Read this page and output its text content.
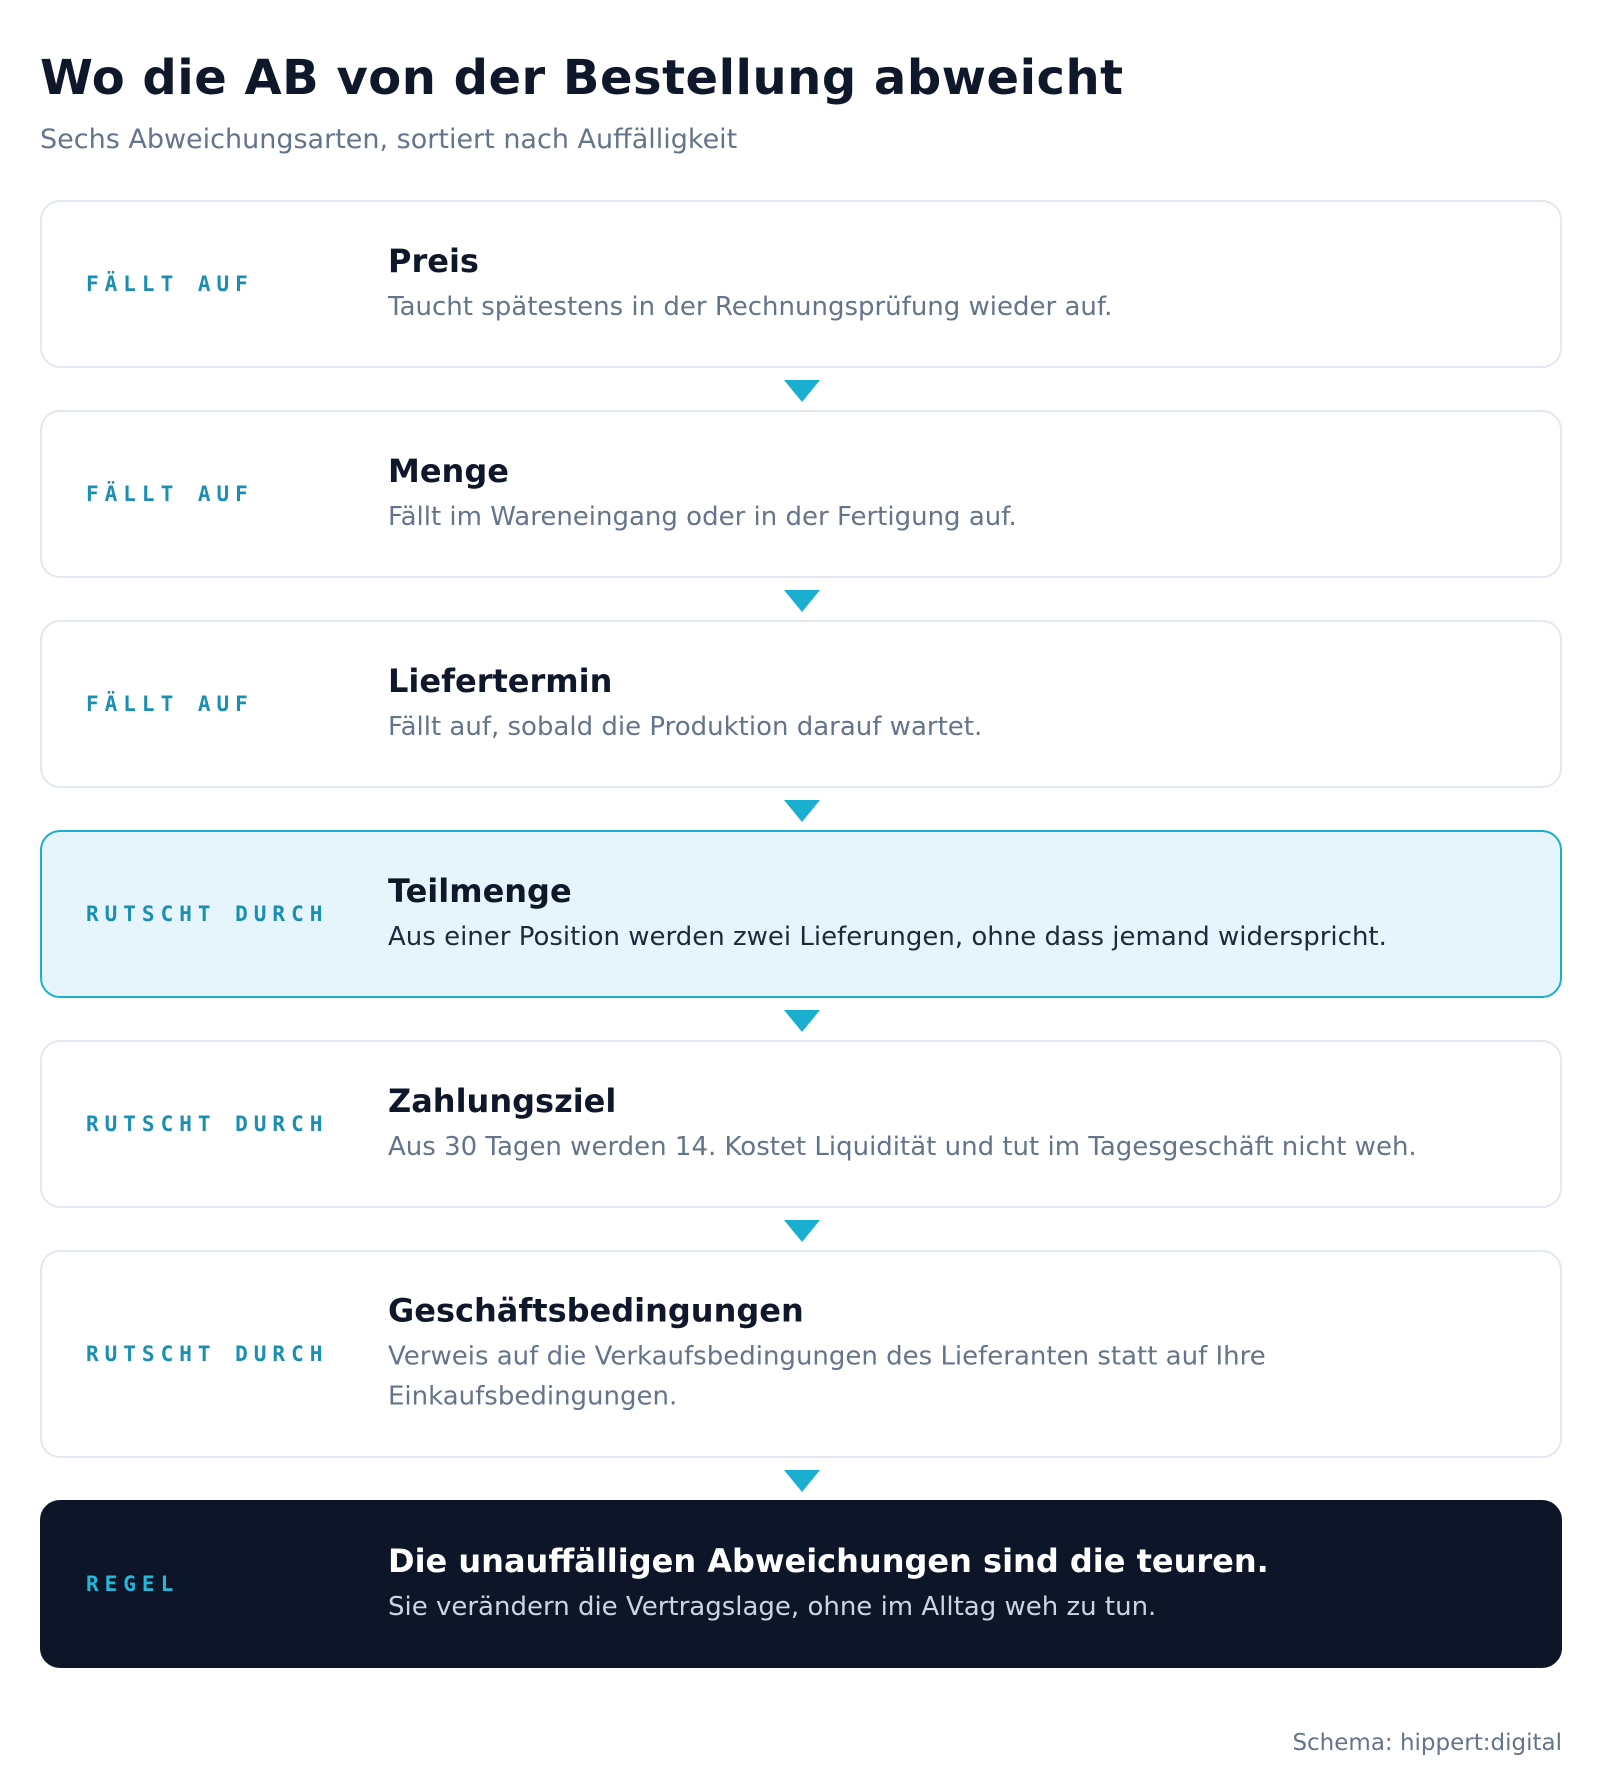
Wo die AB von der Bestellung abweicht

Sechs Abweichungsarten, sortiert nach Auffälligkeit

FÄLLT AUF
Preis
Taucht spätestens in der Rechnungsprüfung wieder auf.
FÄLLT AUF
Menge
Fällt im Wareneingang oder in der Fertigung auf.
FÄLLT AUF
Liefertermin
Fällt auf, sobald die Produktion darauf wartet.
RUTSCHT DURCH
Teilmenge
Aus einer Position werden zwei Lieferungen, ohne dass jemand widerspricht.
RUTSCHT DURCH
Zahlungsziel
Aus 30 Tagen werden 14. Kostet Liquidität und tut im Tagesgeschäft nicht weh.
RUTSCHT DURCH
Geschäftsbedingungen
Verweis auf die Verkaufsbedingungen des Lieferanten statt auf Ihre Einkaufsbedingungen.
REGEL
Die unauffälligen Abweichungen sind die teuren.
Sie verändern die Vertragslage, ohne im Alltag weh zu tun.
Schema: hippert:digital
